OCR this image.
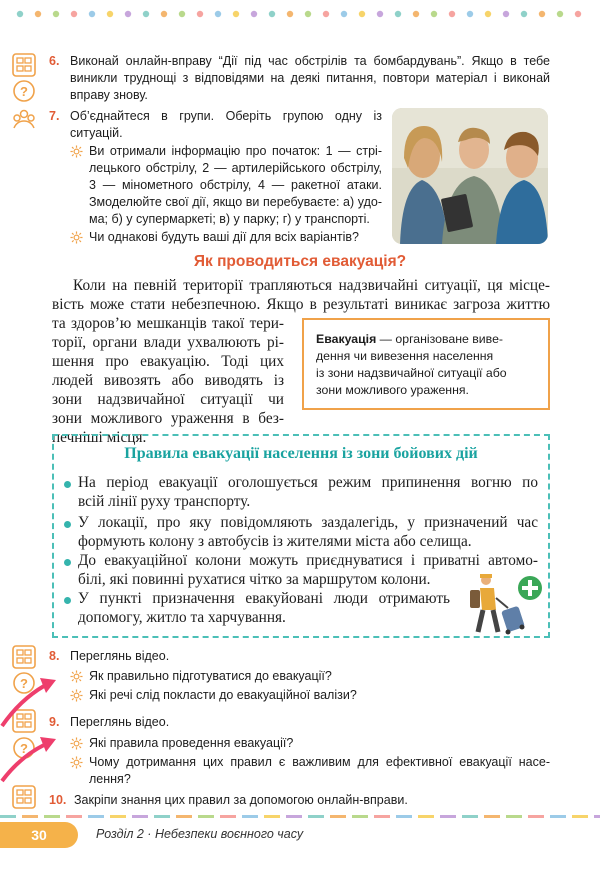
?
?
?
6. Виконай онлайн-вправу “Дії під час обстрілів та бомбардувань”. Якщо в тебе
виникли труднощі з відповідями на деякі питання, повтори матеріал і виконай
вправу знову.
7. Об’єднайтеся в групи. Оберіть групою одну із
ситуацій.
Ви отримали інформацію про початок: 1 — стрі-
лецького обстрілу, 2 — артилерійського обстрілу,
3 — мінометного обстрілу, 4 — ракетної атаки.
Змоделюйте свої дії, якщо ви перебуваєте: а) удо-
ма; б) у супермаркеті; в) у парку; г) у транспорті.
Чи однакові будуть ваші дії для всіх варіантів?
Як проводиться евакуація?
Коли на певній території трапляються надзвичайні ситуації, ця місце-
вість може стати небезпечною. Якщо в результаті виникає загроза життю
та здоров’ю мешканців такої тери-
торії, органи влади ухвалюють рі-
шення про евакуацію. Тоді цих
людей вивозять або виводять із
зони надзвичайної ситуації чи
зони можливого ураження в без-
печніші місця.
Евакуація — організоване виве-
дення чи вивезення населення
із зони надзвичайної ситуації або
зони можливого ураження.
Правила евакуації населення із зони бойових дій
На період евакуації оголошується режим припинення вогню по
всій лінії руху транспорту.
У локації, про яку повідомляють заздалегідь, у призначений час
формують колону з автобусів із жителями міста або селища.
До евакуаційної колони можуть приєднуватися і приватні автомо-
білі, які повинні рухатися чітко за маршрутом колони.
У пункті призначення евакуйовані люди отримають
допомогу, житло та харчування.
8. Переглянь відео.
Як правильно підготуватися до евакуації?
Які речі слід покласти до евакуаційної валізи?
9. Переглянь відео.
Які правила проведення евакуації?
Чому дотримання цих правил є важливим для ефективної евакуації насе-
лення?
10. Закріпи знання цих правил за допомогою онлайн-вправи.
30	Розділ 2 · Небезпеки воєнного часу
